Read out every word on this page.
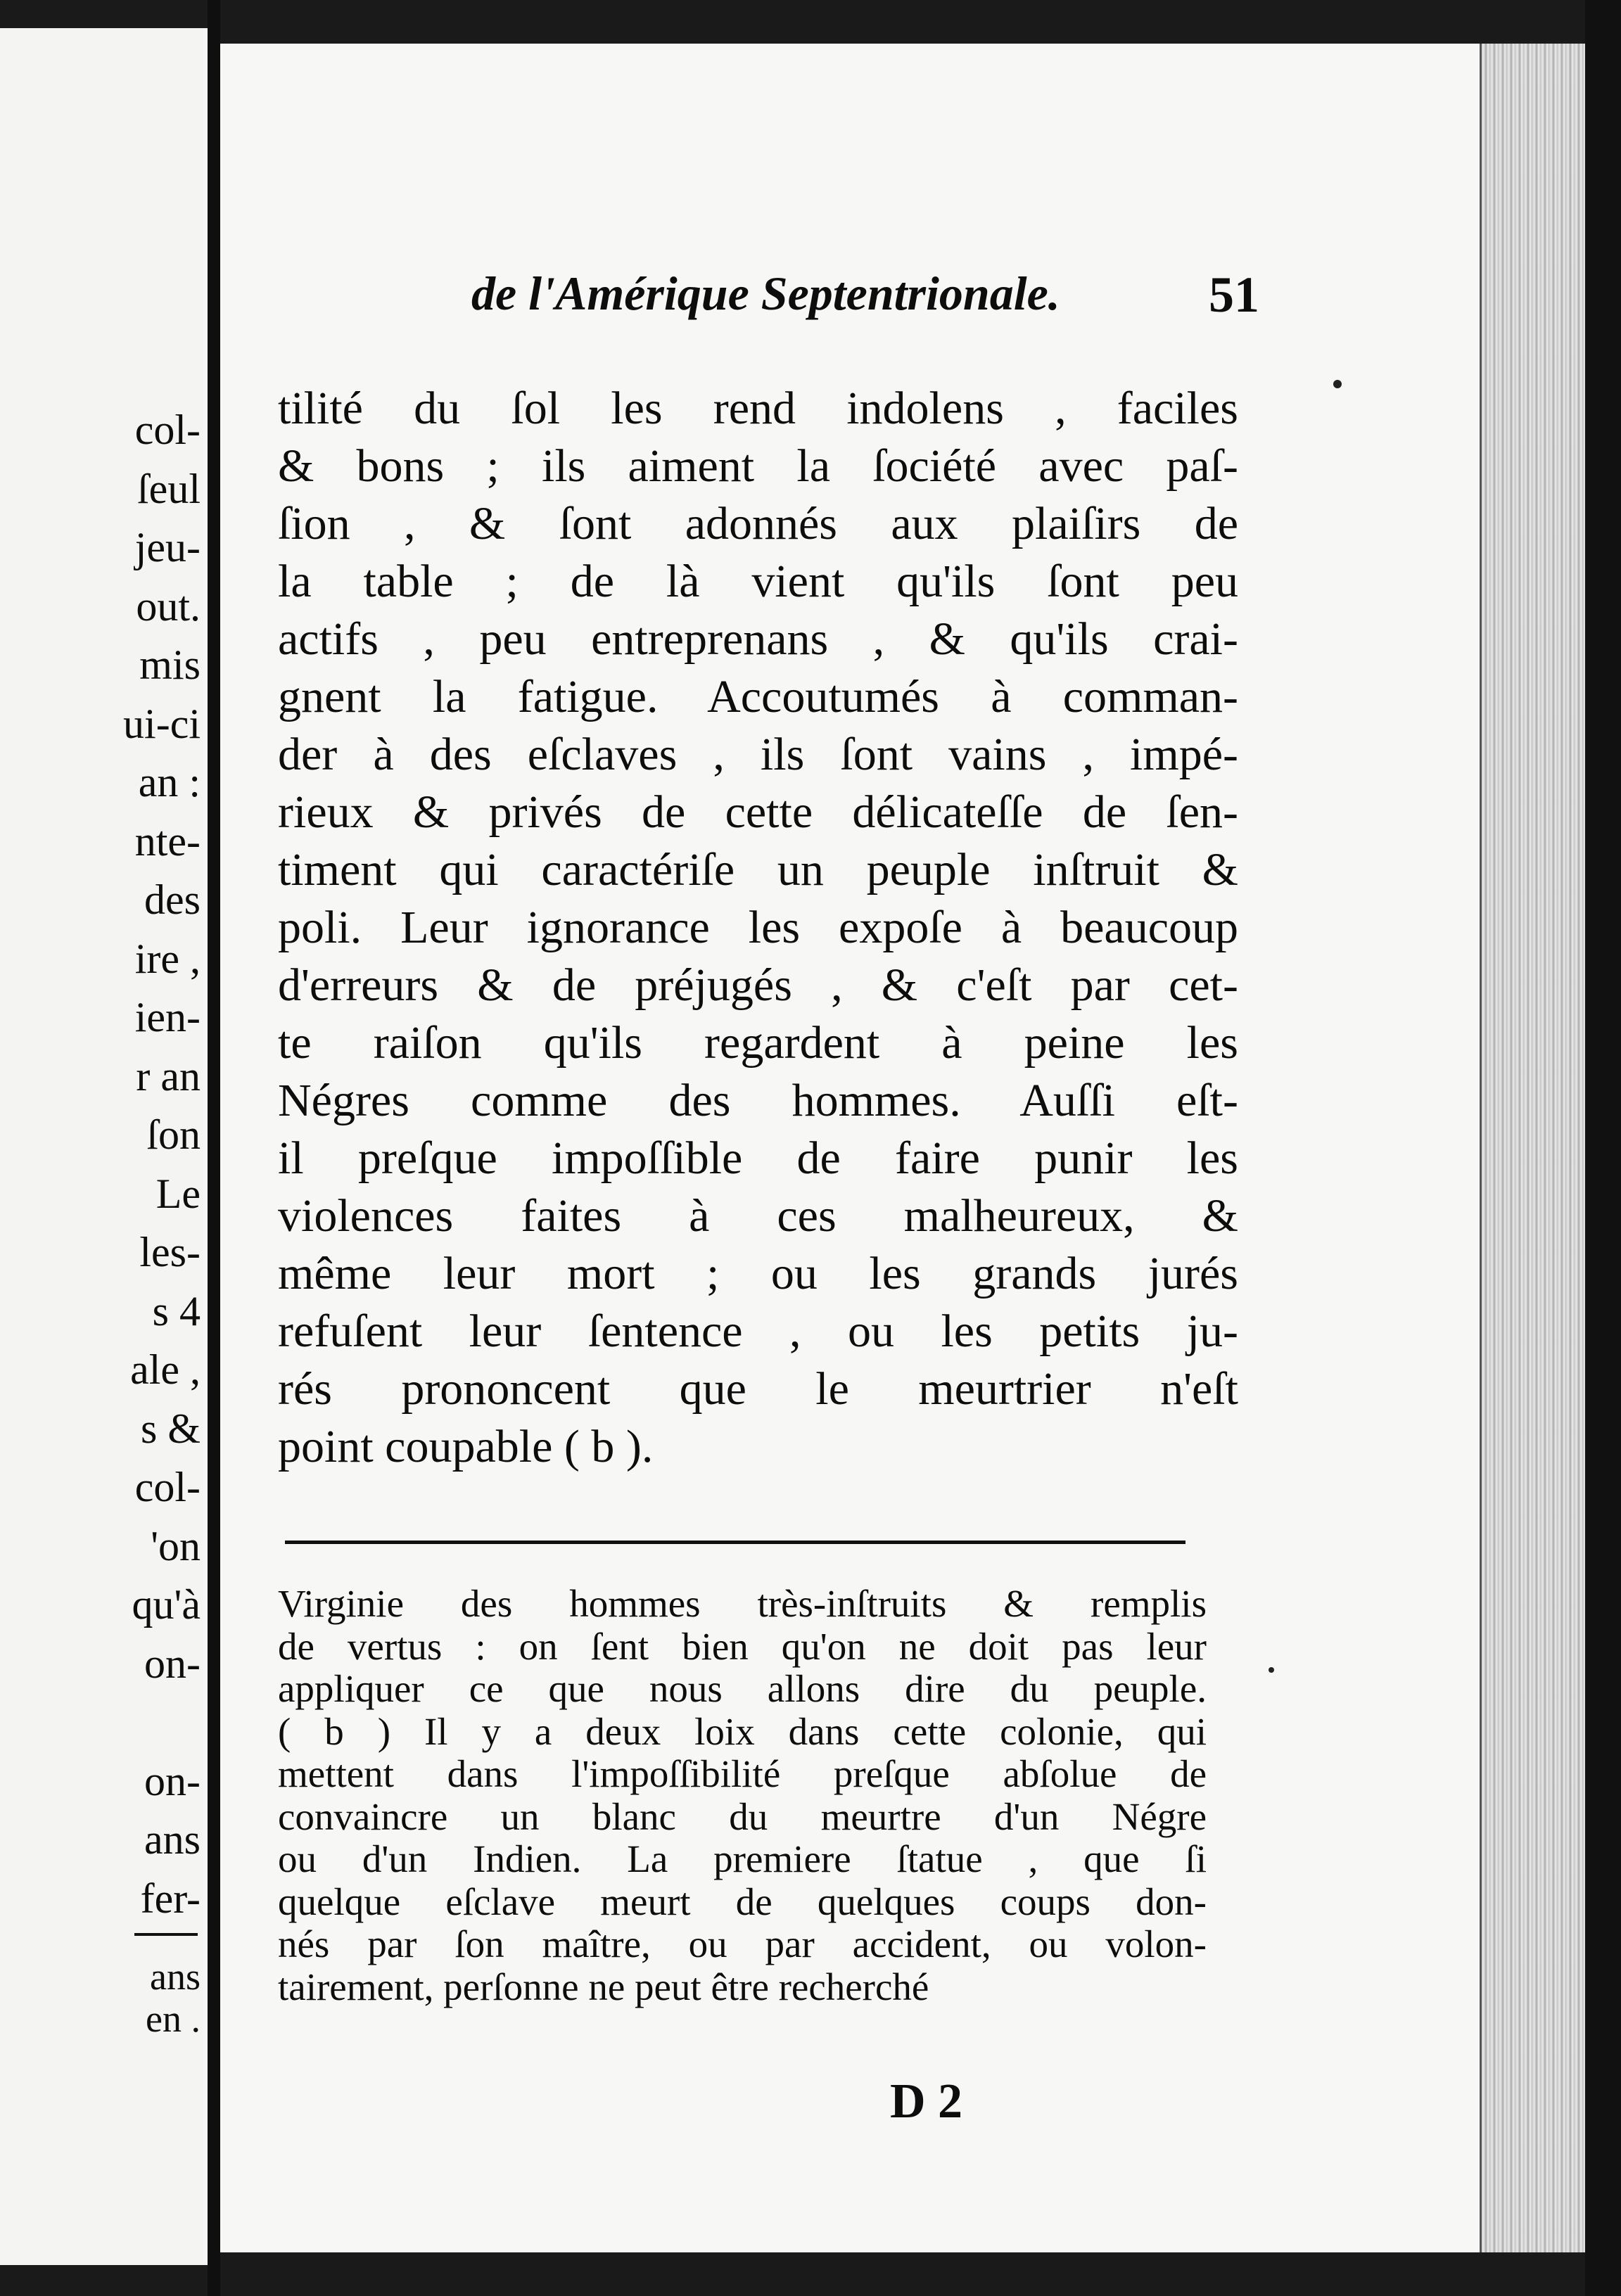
col-
ſeul
jeu-
out.
mis
ui-ci
an :
nte-
des
ire ,
ien-
r an
ſon
Le
les-
s 4
ale ,
s &
col-
'on
qu'à
on-
on-
ans
fer-
ans
en .
de l'Amérique Septentrionale.	51
tilité du ſol les rend indolens , faciles
& bons ; ils aiment la ſociété avec paſ-
ſion , & ſont adonnés aux plaiſirs de
la table ; de là vient qu'ils ſont peu
actifs , peu entreprenans , & qu'ils crai-
gnent la fatigue. Accoutumés à comman-
der à des eſclaves , ils ſont vains , impé-
rieux & privés de cette délicateſſe de ſen-
timent qui caractériſe un peuple inſtruit &
poli. Leur ignorance les expoſe à beaucoup
d'erreurs & de préjugés , & c'eſt par cet-
te raiſon qu'ils regardent à peine les
Négres comme des hommes. Auſſi eſt-
il preſque impoſſible de faire punir les
violences faites à ces malheureux, &
même leur mort ; ou les grands jurés
refuſent leur ſentence , ou les petits ju-
rés prononcent que le meurtrier n'eſt
point coupable ( b ).
Virginie des hommes très-inſtruits & remplis
de vertus : on ſent bien qu'on ne doit pas leur
appliquer ce que nous allons dire du peuple.
( b ) Il y a deux loix dans cette colonie, qui
mettent dans l'impoſſibilité preſque abſolue de
convaincre un blanc du meurtre d'un Négre
ou d'un Indien. La premiere ſtatue , que ſi
quelque eſclave meurt de quelques coups don-
nés par ſon maître, ou par accident, ou volon-
tairement, perſonne ne peut être recherché
D 2
